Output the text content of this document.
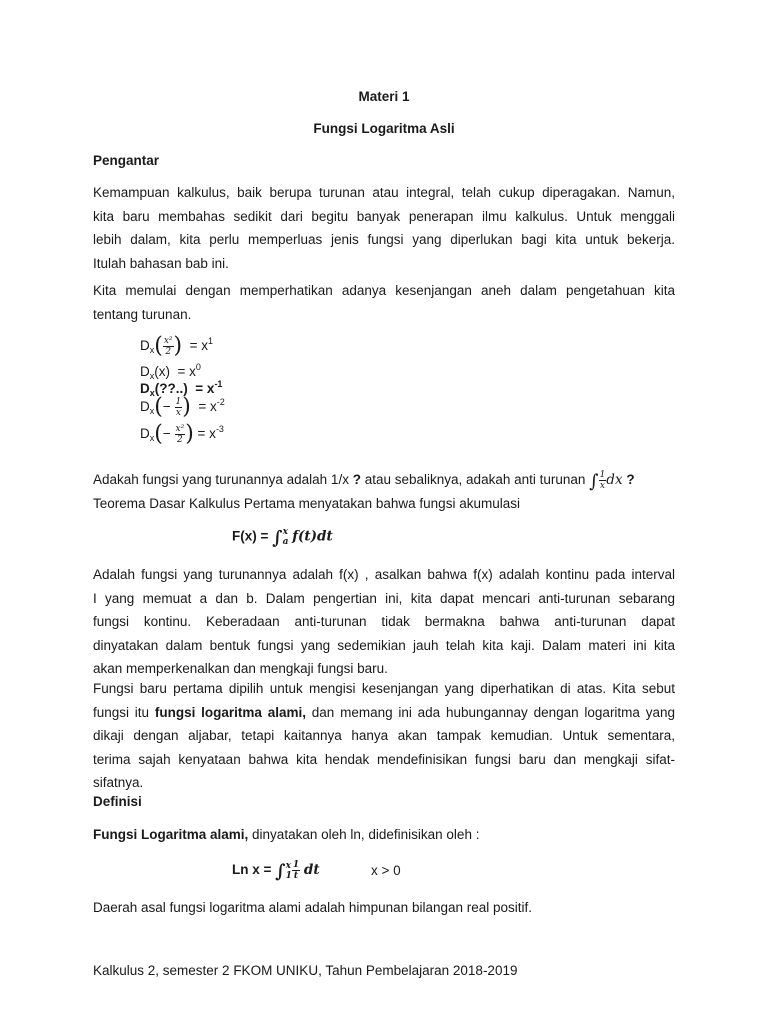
Materi 1
Fungsi Logaritma Asli
Pengantar
Kemampuan kalkulus, baik berupa turunan atau integral, telah cukup diperagakan. Namun,
kita baru membahas sedikit dari begitu banyak penerapan ilmu kalkulus. Untuk menggali
lebih dalam, kita perlu memperluas jenis fungsi yang diperlukan bagi kita untuk bekerja.
Itulah bahasan bab ini.
Kita memulai dengan memperhatikan adanya kesenjangan aneh dalam pengetahuan kita
tentang turunan.
$D_x( \frac{\text{x²}}{2}$ ) = $x^1$
$D_x(x) = x^0$
$D_x(??..) = x^{-1}$
$D_x(- \frac{1}{x}$ ) = $x^{-2}$
$D_x(- \frac{\text{x²}}{2}$ ) = $x^{-3}$
Adakah fungsi yang turunannya adalah 1/x ? atau sebaliknya, adakah anti turunan ∫ $\frac{1}{x}$ dx ?
Teorema Dasar Kalkulus Pertama menyatakan bahwa fungsi akumulasi
F(x) = ∫ x
a f(t)dt
Adalah fungsi yang turunannya adalah f(x) , asalkan bahwa f(x) adalah kontinu pada interval
I yang memuat a dan b. Dalam pengertian ini, kita dapat mencari anti-turunan sebarang
fungsi kontinu. Keberadaan anti-turunan tidak bermakna bahwa anti-turunan dapat
dinyatakan dalam bentuk fungsi yang sedemikian jauh telah kita kaji. Dalam materi ini kita
akan memperkenalkan dan mengkaji fungsi baru.
Fungsi baru pertama dipilih untuk mengisi kesenjangan yang diperhatikan di atas. Kita sebut
fungsi itu fungsi logaritma alami, dan memang ini ada hubungannay dengan logaritma yang
dikaji dengan aljabar, tetapi kaitannya hanya akan tampak kemudian. Untuk sementara,
terima sajah kenyataan bahwa kita hendak mendefinisikan fungsi baru dan mengkaji sifat-
sifatnya.
Definisi
Fungsi Logaritma alami, dinyatakan oleh ln, didefinisikan oleh :
Ln x = ∫ x
$1 \frac{1}{t}$ dt	x > 0
Daerah asal fungsi logaritma alami adalah himpunan bilangan real positif.
Kalkulus 2, semester 2 FKOM UNIKU, Tahun Pembelajaran 2018-2019
